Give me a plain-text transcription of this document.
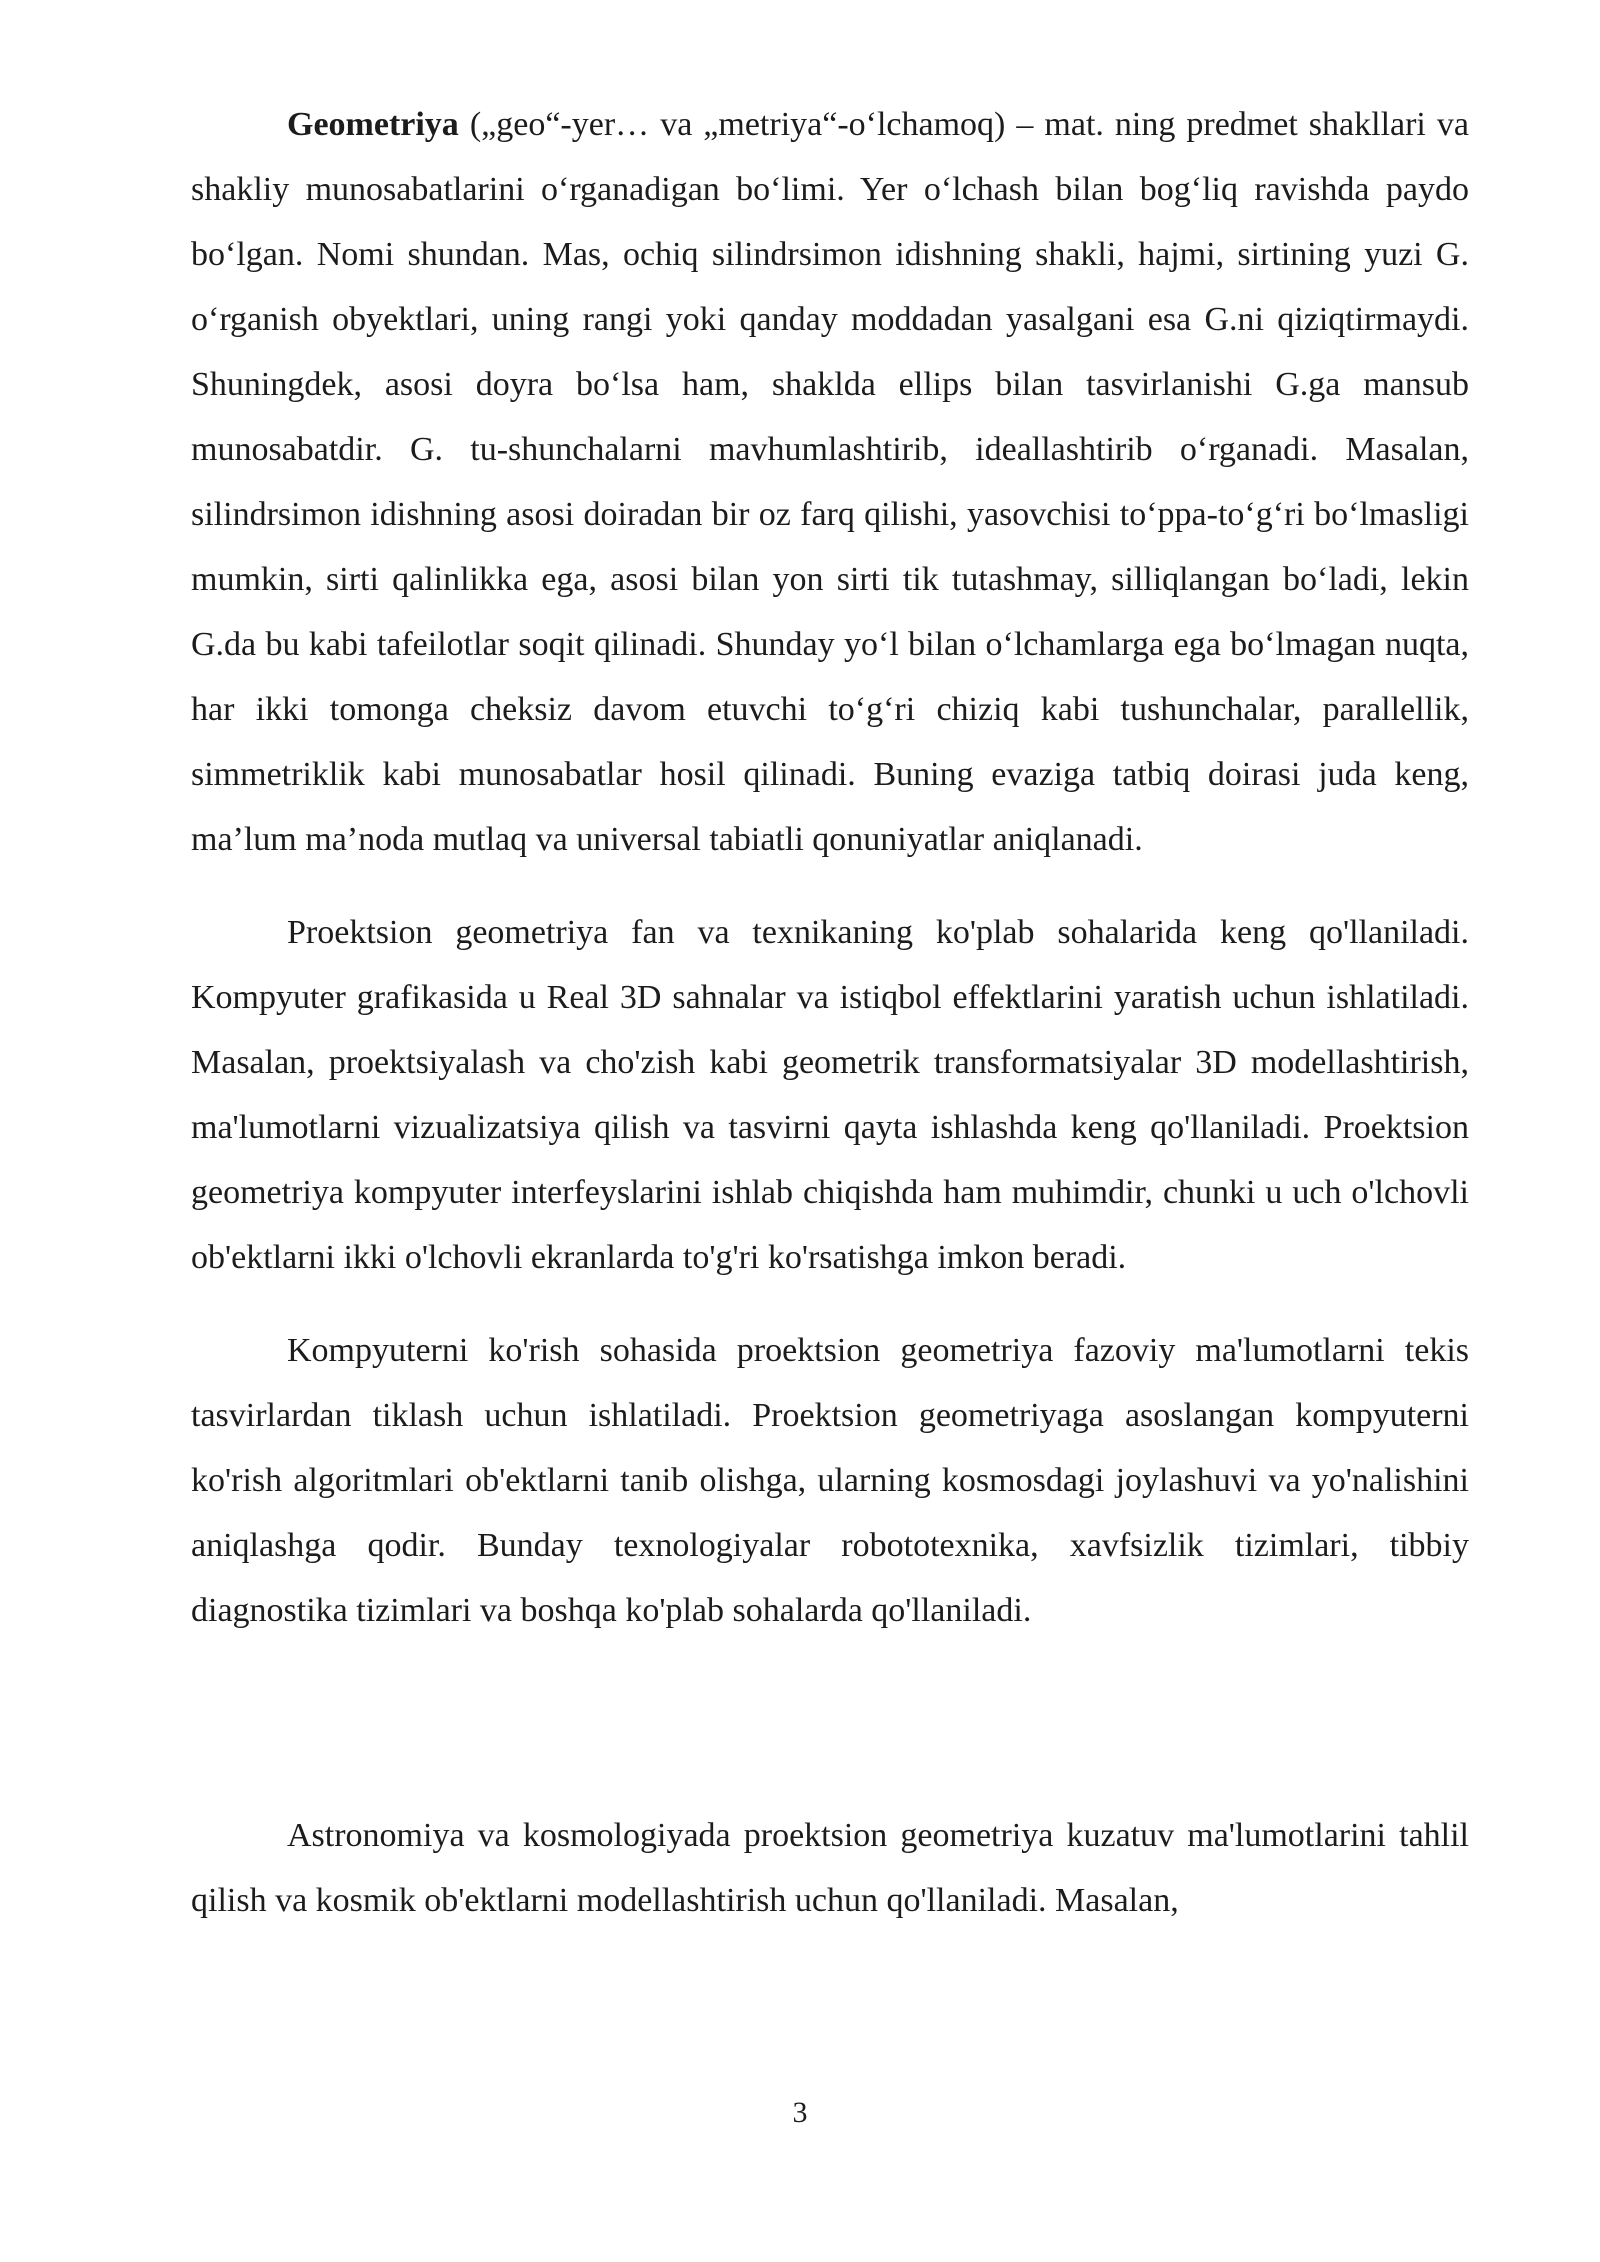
Geometriya („geo“-yer… va „metriya“-oʻlchamoq) – mat. ning predmet shakllari va shakliy munosabatlarini oʻrganadigan boʻlimi. Yer oʻlchash bilan bogʻliq ravishda paydo boʻlgan. Nomi shundan. Mas, ochiq silindrsimon idishning shakli, hajmi, sirtining yuzi G. oʻrganish obyektlari, uning rangi yoki qanday moddadan yasalgani esa G.ni qiziqtirmaydi. Shuningdek, asosi doyra boʻlsa ham, shaklda ellips bilan tasvirlanishi G.ga mansub munosabatdir. G. tu-shunchalarni mavhumlashtirib, ideallashtirib oʻrganadi. Masalan, silindrsimon idishning asosi doiradan bir oz farq qilishi, yasovchisi toʻppa-toʻgʻri boʻlmasligi mumkin, sirti qalinlikka ega, asosi bilan yon sirti tik tutashmay, silliqlangan boʻladi, lekin G.da bu kabi tafeilotlar soqit qilinadi. Shunday yoʻl bilan oʻlchamlarga ega boʻlmagan nuqta, har ikki tomonga cheksiz davom etuvchi toʻgʻri chiziq kabi tushunchalar, parallellik, simmetriklik kabi munosabatlar hosil qilinadi. Buning evaziga tatbiq doirasi juda keng, ma’lum ma’noda mutlaq va universal tabiatli qonuniyatlar aniqlanadi.

Proektsion geometriya fan va texnikaning ko'plab sohalarida keng qo'llaniladi. Kompyuter grafikasida u Real 3D sahnalar va istiqbol effektlarini yaratish uchun ishlatiladi. Masalan, proektsiyalash va cho'zish kabi geometrik transformatsiyalar 3D modellashtirish, ma'lumotlarni vizualizatsiya qilish va tasvirni qayta ishlashda keng qo'llaniladi. Proektsion geometriya kompyuter interfeyslarini ishlab chiqishda ham muhimdir, chunki u uch o'lchovli ob'ektlarni ikki o'lchovli ekranlarda to'g'ri ko'rsatishga imkon beradi.

Kompyuterni ko'rish sohasida proektsion geometriya fazoviy ma'lumotlarni tekis tasvirlardan tiklash uchun ishlatiladi. Proektsion geometriyaga asoslangan kompyuterni ko'rish algoritmlari ob'ektlarni tanib olishga, ularning kosmosdagi joylashuvi va yo'nalishini aniqlashga qodir. Bunday texnologiyalar robototexnika, xavfsizlik tizimlari, tibbiy diagnostika tizimlari va boshqa ko'plab sohalarda qo'llaniladi.

Astronomiya va kosmologiyada proektsion geometriya kuzatuv ma'lumotlarini tahlil qilish va kosmik ob'ektlarni modellashtirish uchun qo'llaniladi. Masalan,

3
